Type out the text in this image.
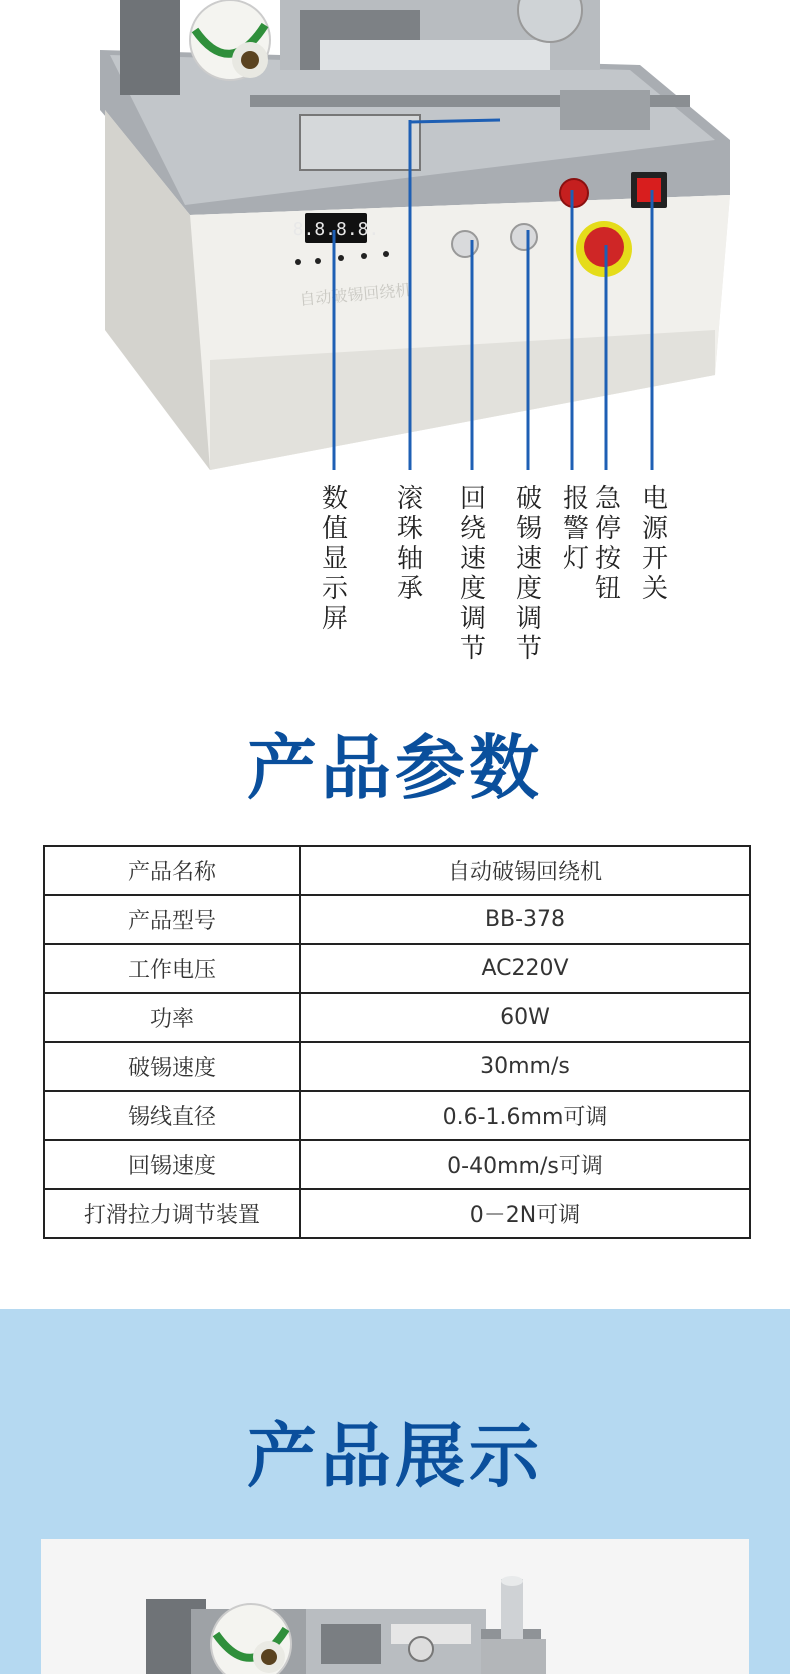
8.8.8.8.
自动破锡回绕机
数值显示屏
滚珠轴承
回绕速度调节
破锡速度调节
报警灯
急停按钮
电源开关
产品参数
产品名称	自动破锡回绕机
产品型号	BB-378
工作电压	AC220V
功率	60W
破锡速度	30mm/s
锡线直径	0.6-1.6mm可调
回锡速度	0-40mm/s可调
打滑拉力调节装置	0－2N可调
产品展示
